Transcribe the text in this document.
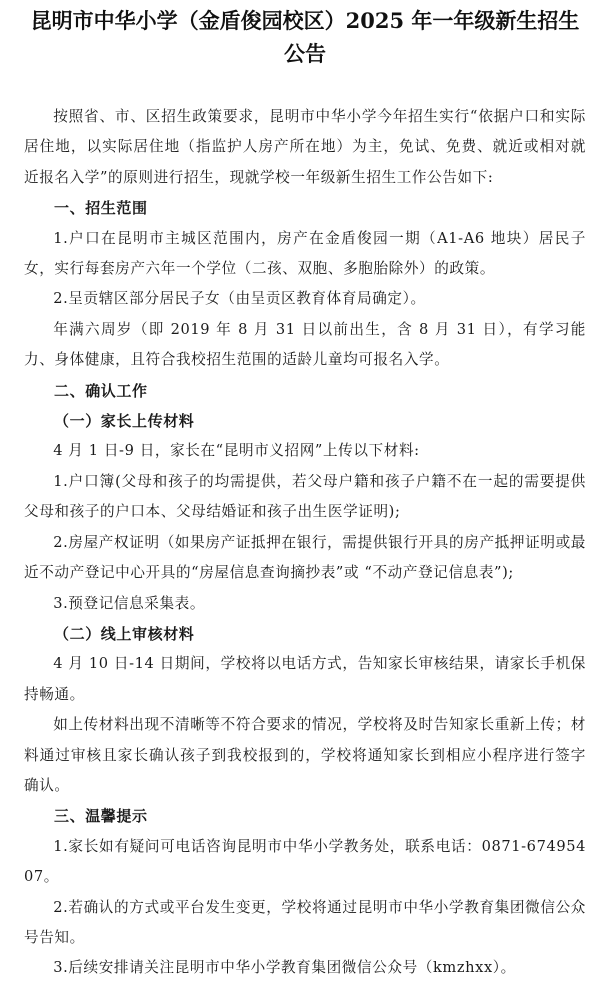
昆明市中华小学（金盾俊园校区）2025 年一年级新生招生
公告

按照省、市、区招生政策要求，昆明市中华小学今年招生实行“依据户口和实际居住地，以实际居住地（指监护人房产所在地）为主，免试、免费、就近或相对就近报名入学”的原则进行招生，现就学校一年级新生招生工作公告如下:

一、招生范围

1.户口在昆明市主城区范围内，房产在金盾俊园一期（A1-A6 地块）居民子女，实行每套房产六年一个学位（二孩、双胞、多胞胎除外）的政策。

2.呈贡辖区部分居民子女（由呈贡区教育体育局确定）。

年满六周岁（即 2019 年 8 月 31 日以前出生，含 8 月 31 日），有学习能力、身体健康，且符合我校招生范围的适龄儿童均可报名入学。

二、确认工作

（一）家长上传材料

4 月 1 日-9 日，家长在“昆明市义招网”上传以下材料:

1.户口簿(父母和孩子的均需提供，若父母户籍和孩子户籍不在一起的需要提供父母和孩子的户口本、父母结婚证和孩子出生医学证明);

2.房屋产权证明（如果房产证抵押在银行，需提供银行开具的房产抵押证明或最近不动产登记中心开具的“房屋信息查询摘抄表”或 “不动产登记信息表”);

3.预登记信息采集表。

（二）线上审核材料

4 月 10 日-14 日期间，学校将以电话方式，告知家长审核结果，请家长手机保持畅通。

如上传材料出现不清晰等不符合要求的情况，学校将及时告知家长重新上传；材料通过审核且家长确认孩子到我校报到的，学校将通知家长到相应小程序进行签字确认。

三、温馨提示

1.家长如有疑问可电话咨询昆明市中华小学教务处，联系电话：0871-67495407。

2.若确认的方式或平台发生变更，学校将通过昆明市中华小学教育集团微信公众号告知。

3.后续安排请关注昆明市中华小学教育集团微信公众号（kmzhxx）。
